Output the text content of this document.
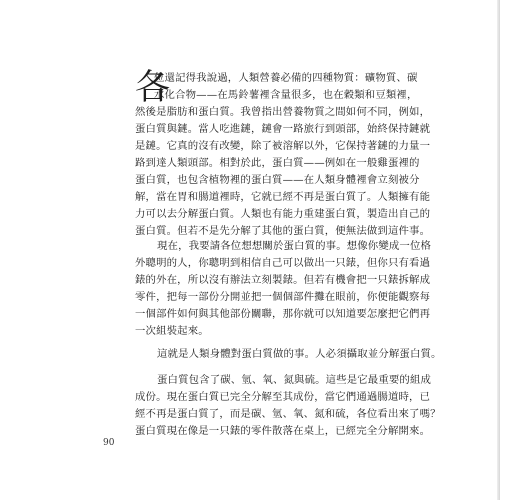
各
位還記得我說過，人類營養必備的四種物質：礦物質、碳
水化合物——在馬鈴薯裡含量很多，也在穀類和豆類裡，
然後是脂肪和蛋白質。我曾指出營養物質之間如何不同，例如，
蛋白質與鏈。當人吃進鏈，鏈會一路旅行到頭部，始終保持鏈就
是鏈。它真的沒有改變，除了被溶解以外，它保持著鏈的力量一
路到達人類頭部。相對於此，蛋白質——例如在一般雞蛋裡的
蛋白質，也包含植物裡的蛋白質——在人類身體裡會立刻被分
解，當在胃和腸道裡時，它就已經不再是蛋白質了。人類擁有能
力可以去分解蛋白質。人類也有能力重建蛋白質，製造出自己的
蛋白質。但若不是先分解了其他的蛋白質，便無法做到這件事。
現在，我要請各位想想關於蛋白質的事。想像你變成一位格
外聰明的人，你聰明到相信自己可以做出一只錶，但你只有看過
錶的外在，所以沒有辦法立刻製錶。但若有機會把一只錶拆解成
零件，把每一部份分開並把一個個部件攤在眼前，你便能觀察每
一個部件如何與其他部份關聯，那你就可以知道要怎麼把它們再
一次組裝起來。
這就是人類身體對蛋白質做的事。人必須攝取並分解蛋白質。
蛋白質包含了碳、氫、氧、氮與硫。這些是它最重要的組成
成份。現在蛋白質已完全分解至其成份，當它們通過腸道時，已
經不再是蛋白質了，而是碳、氫、氧、氮和硫，各位看出來了嗎？
蛋白質現在像是一只錶的零件散落在桌上，已經完全分解開來。
90
